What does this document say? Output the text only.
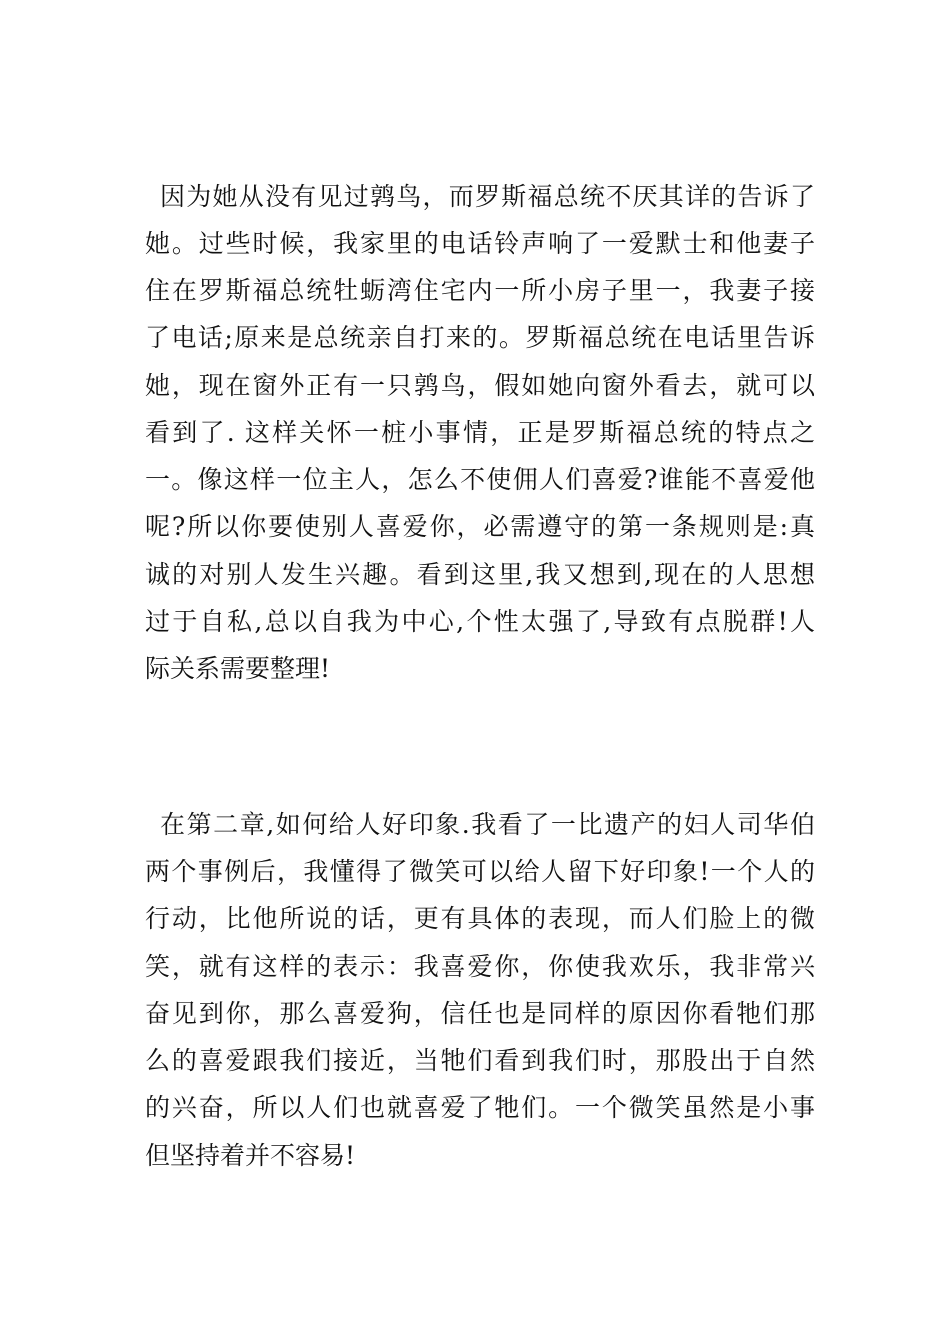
因为她从没有见过鹑鸟，而罗斯福总统不厌其详的告诉了

她。过些时候，我家里的电话铃声响了一爱默士和他妻子

住在罗斯福总统牡蛎湾住宅内一所小房子里一，我妻子接

了电话;原来是总统亲自打来的。罗斯福总统在电话里告诉

她，现在窗外正有一只鹑鸟，假如她向窗外看去，就可以

看到了. 这样关怀一桩小事情，正是罗斯福总统的特点之

一。像这样一位主人，怎么不使佣人们喜爱?谁能不喜爱他

呢?所以你要使别人喜爱你，必需遵守的第一条规则是:真

诚的对别人发生兴趣。看到这里,我又想到,现在的人思想

过于自私,总以自我为中心,个性太强了,导致有点脱群!人

际关系需要整理!

在第二章,如何给人好印象.我看了一比遗产的妇人司华伯

两个事例后，我懂得了微笑可以给人留下好印象!一个人的

行动，比他所说的话，更有具体的表现，而人们脸上的微

笑，就有这样的表示：我喜爱你，你使我欢乐，我非常兴

奋见到你，那么喜爱狗，信任也是同样的原因你看牠们那

么的喜爱跟我们接近，当牠们看到我们时，那股出于自然

的兴奋，所以人们也就喜爱了牠们。一个微笑虽然是小事

但坚持着并不容易!
